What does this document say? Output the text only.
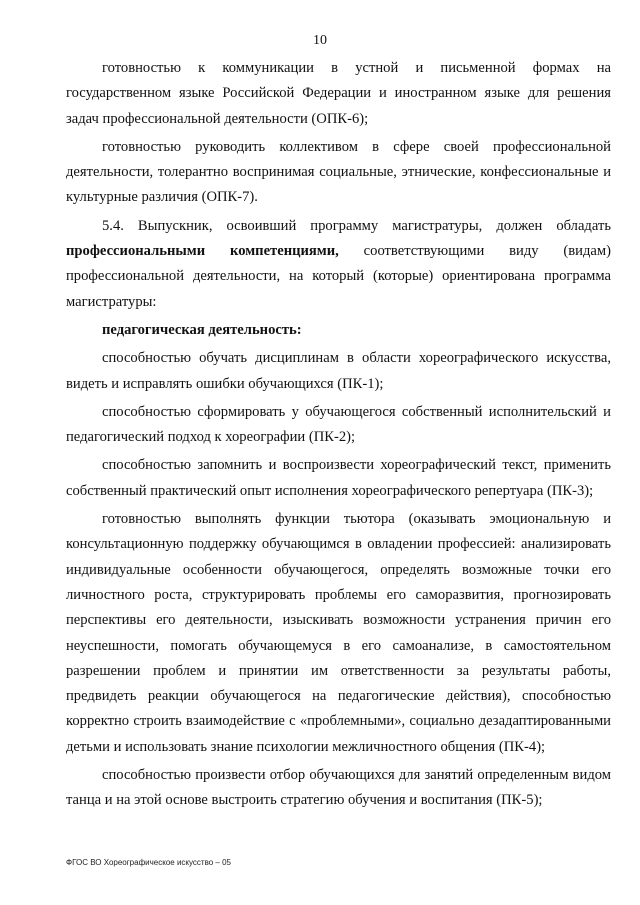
10

готовностью к коммуникации в устной и письменной формах на государственном языке Российской Федерации и иностранном языке для решения задач профессиональной деятельности (ОПК-6);

готовностью руководить коллективом в сфере своей профессиональной деятельности, толерантно воспринимая социальные, этнические, конфессиональные и культурные различия (ОПК-7).

5.4. Выпускник, освоивший программу магистратуры, должен обладать профессиональными компетенциями, соответствующими виду (видам) профессиональной деятельности, на который (которые) ориентирована программа магистратуры:

педагогическая деятельность:

способностью обучать дисциплинам в области хореографического искусства, видеть и исправлять ошибки обучающихся (ПК-1);

способностью сформировать у обучающегося собственный исполнительский и педагогический подход к хореографии (ПК-2);

способностью запомнить и воспроизвести хореографический текст, применить собственный практический опыт исполнения хореографического репертуара (ПК-3);

готовностью выполнять функции тьютора (оказывать эмоциональную и консультационную поддержку обучающимся в овладении профессией: анализировать индивидуальные особенности обучающегося, определять возможные точки его личностного роста, структурировать проблемы его саморазвития, прогнозировать перспективы его деятельности, изыскивать возможности устранения причин его неуспешности, помогать обучающемуся в его самоанализе, в самостоятельном разрешении проблем и принятии им ответственности за результаты работы, предвидеть реакции обучающегося на педагогические действия), способностью корректно строить взаимодействие с «проблемными», социально дезадаптированными детьми и использовать знание психологии межличностного общения (ПК-4);

способностью произвести отбор обучающихся для занятий определенным видом танца и на этой основе выстроить стратегию обучения и воспитания (ПК-5);

ФГОС ВО Хореографическое искусство – 05
